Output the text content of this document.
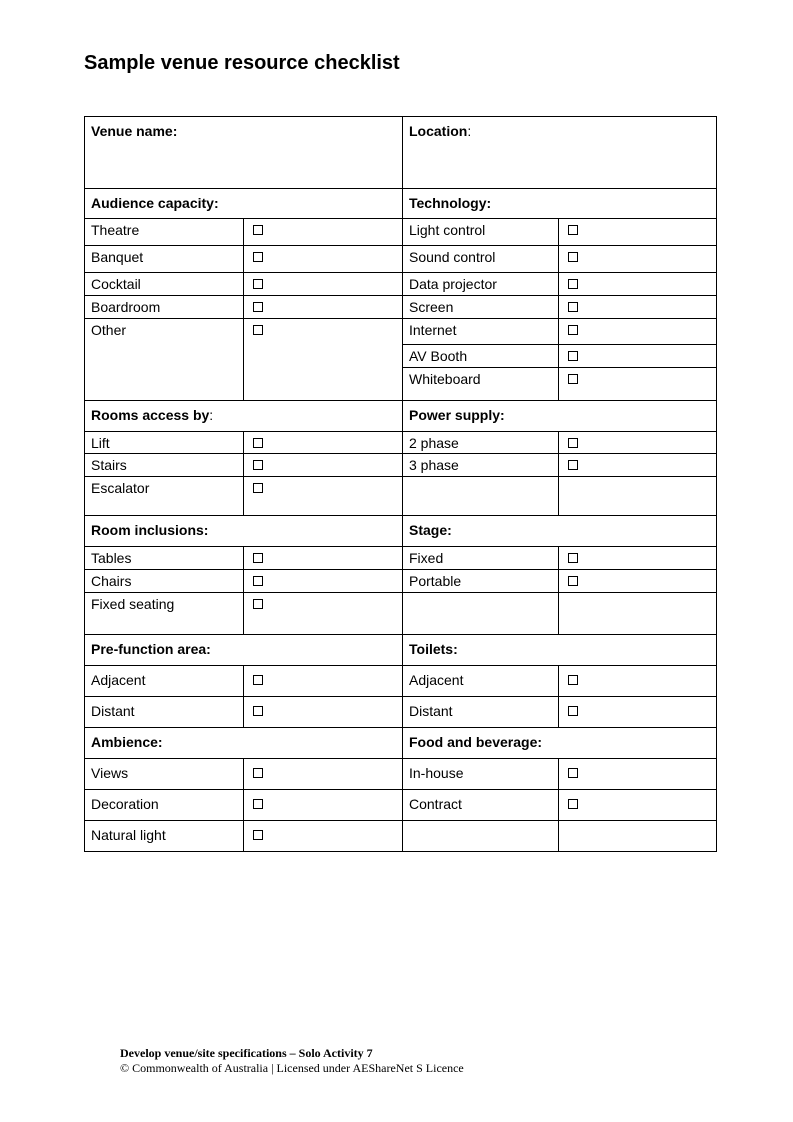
Sample venue resource checklist
Venue name:		Location:	
Audience capacity:		Technology:	
Theatre		Light control	
Banquet		Sound control	
Cocktail		Data projector	
Boardroom		Screen	
Other		Internet	
		AV Booth	
		Whiteboard	
Rooms access by:		Power supply:	
Lift		2 phase	
Stairs		3 phase	
Escalator			
Room inclusions:		Stage:	
Tables		Fixed	
Chairs		Portable	
Fixed seating			
Pre-function area:		Toilets:	
Adjacent		Adjacent	
Distant		Distant	
Ambience:		Food and beverage:	
Views		In-house	
Decoration		Contract	
Natural light			
Develop venue/site specifications – Solo Activity 7
© Commonwealth of Australia | Licensed under AEShareNet S Licence
